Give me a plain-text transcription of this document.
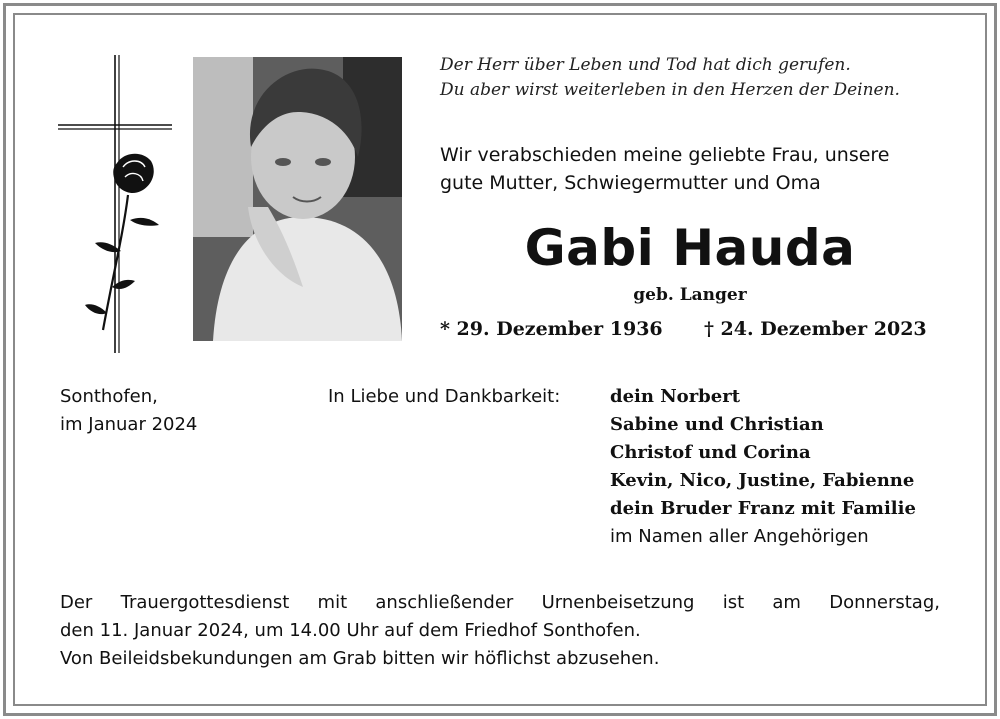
Der Herr über Leben und Tod hat dich gerufen.
Du aber wirst weiterleben in den Herzen der Deinen.
Wir verabschieden meine geliebte Frau, unsere
gute Mutter, Schwiegermutter und Oma
Gabi Hauda
geb. Langer
* 29. Dezember 1936 † 24. Dezember 2023
Sonthofen,
im Januar 2024
In Liebe und Dankbarkeit:	dein Norbert
Sabine und Christian
Christof und Corina
Kevin, Nico, Justine, Fabienne
dein Bruder Franz mit Familie
im Namen aller Angehörigen
Der Trauergottesdienst mit anschließender Urnenbeisetzung ist am Donnerstag,
den 11. Januar 2024, um 14.00 Uhr auf dem Friedhof Sonthofen.
Von Beileidsbekundungen am Grab bitten wir höflichst abzusehen.
